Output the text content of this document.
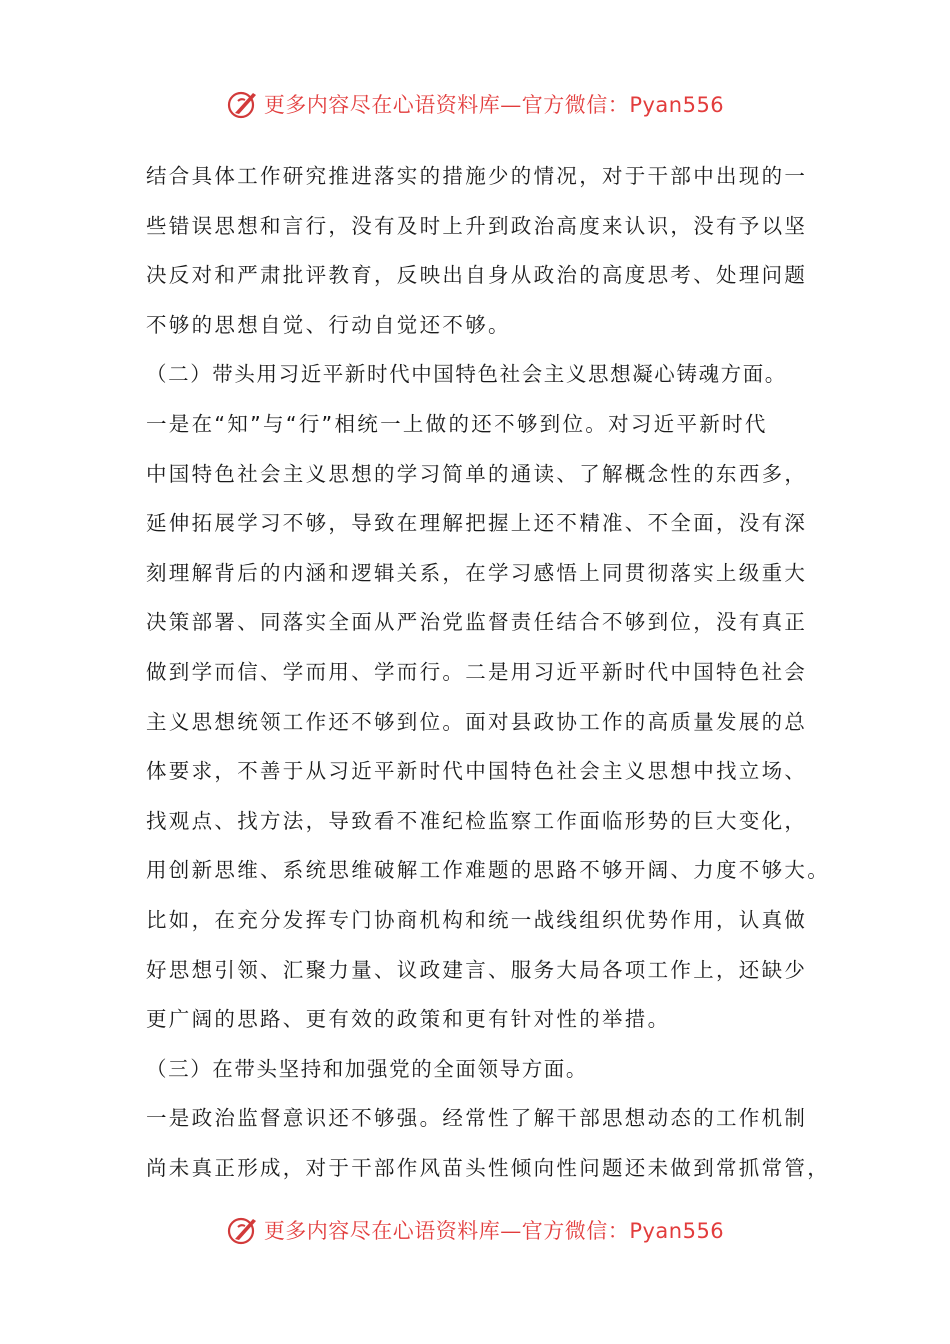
更多内容尽在心语资料库—官方微信：Pyan556
结合具体工作研究推进落实的措施少的情况，对于干部中出现的一
些错误思想和言行，没有及时上升到政治高度来认识，没有予以坚
决反对和严肃批评教育，反映出自身从政治的高度思考、处理问题
不够的思想自觉、行动自觉还不够。
（二）带头用习近平新时代中国特色社会主义思想凝心铸魂方面。
一是在“知”与“行”相统一上做的还不够到位。对习近平新时代
中国特色社会主义思想的学习简单的通读、了解概念性的东西多，
延伸拓展学习不够，导致在理解把握上还不精准、不全面，没有深
刻理解背后的内涵和逻辑关系，在学习感悟上同贯彻落实上级重大
决策部署、同落实全面从严治党监督责任结合不够到位，没有真正
做到学而信、学而用、学而行。二是用习近平新时代中国特色社会
主义思想统领工作还不够到位。面对县政协工作的高质量发展的总
体要求，不善于从习近平新时代中国特色社会主义思想中找立场、
找观点、找方法，导致看不准纪检监察工作面临形势的巨大变化，
用创新思维、系统思维破解工作难题的思路不够开阔、力度不够大。
比如，在充分发挥专门协商机构和统一战线组织优势作用，认真做
好思想引领、汇聚力量、议政建言、服务大局各项工作上，还缺少
更广阔的思路、更有效的政策和更有针对性的举措。
（三）在带头坚持和加强党的全面领导方面。
一是政治监督意识还不够强。经常性了解干部思想动态的工作机制
尚未真正形成，对于干部作风苗头性倾向性问题还未做到常抓常管，
更多内容尽在心语资料库—官方微信：Pyan556
